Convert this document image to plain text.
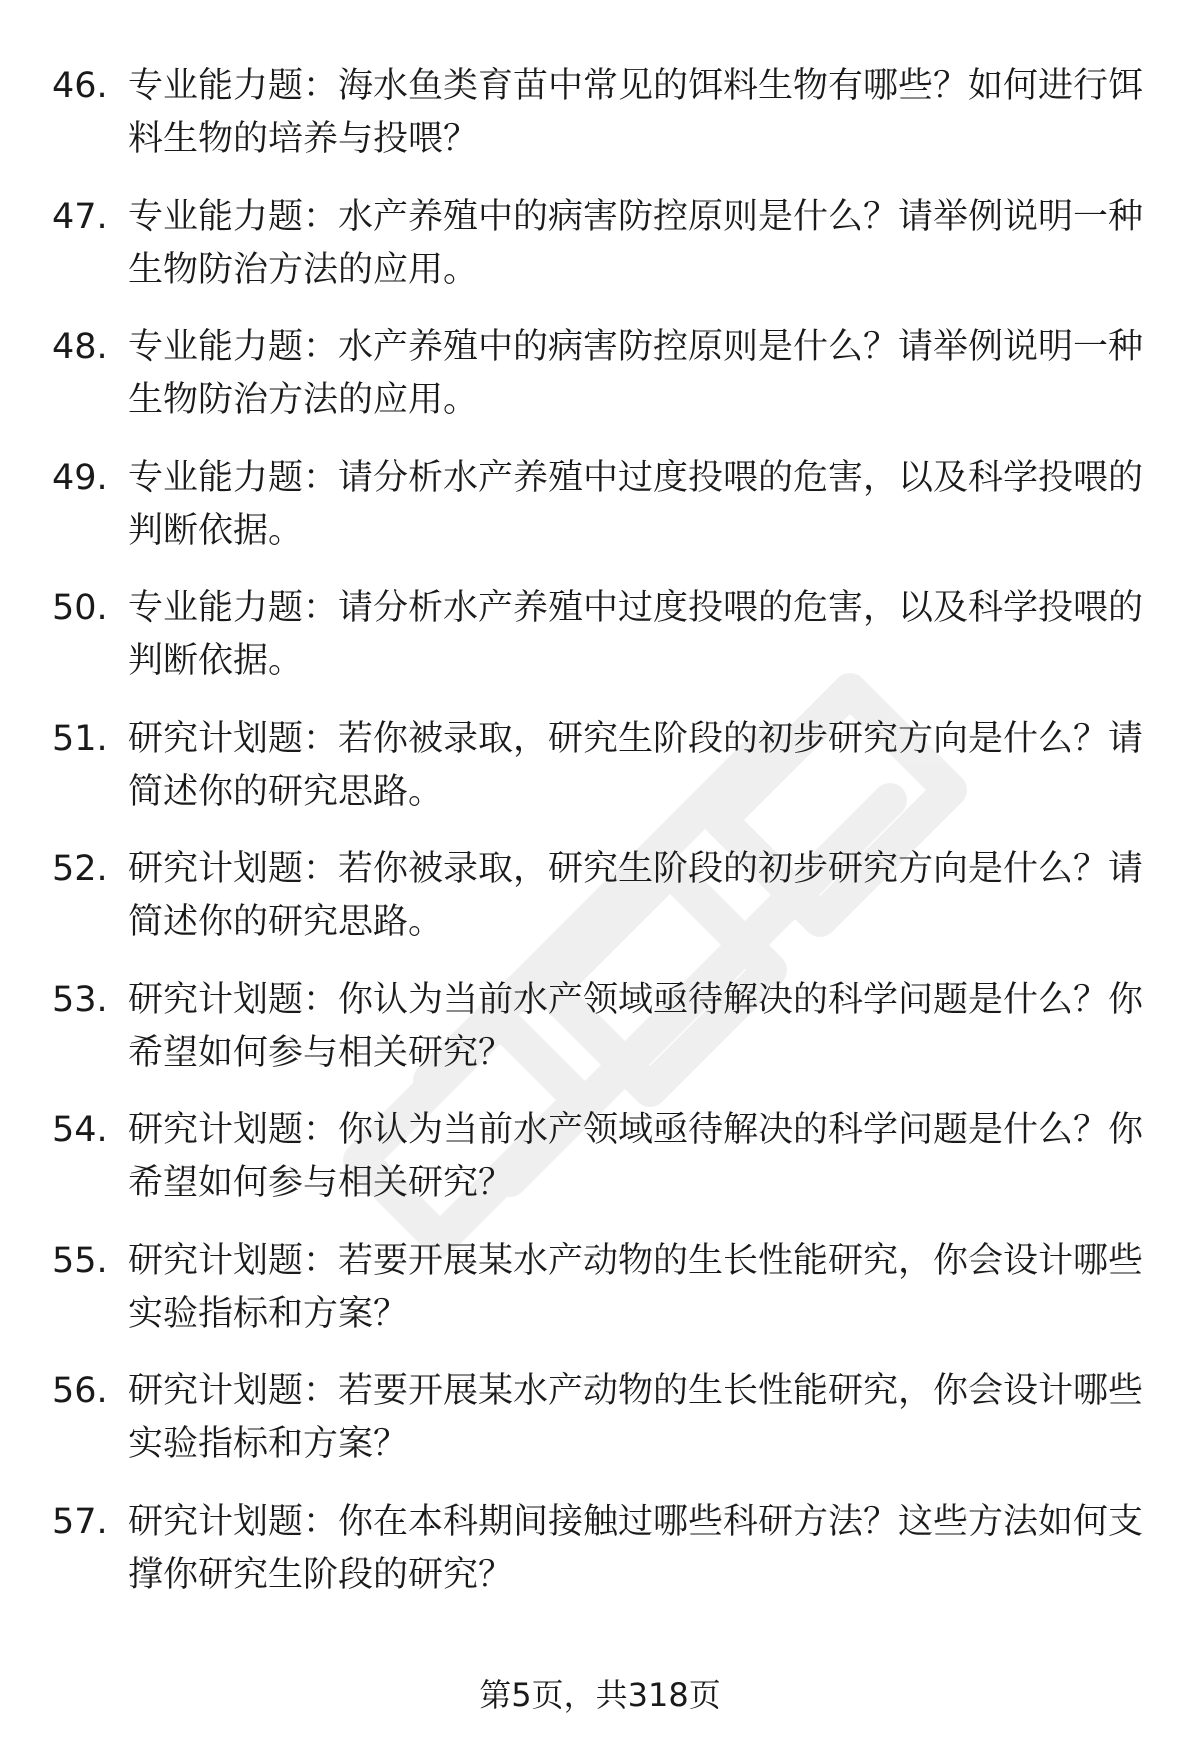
46. 专业能力题：海水鱼类育苗中常见的饵料生物有哪些？如何进行饵料生物的培养与投喂？
47. 专业能力题：水产养殖中的病害防控原则是什么？请举例说明一种生物防治方法的应用。
48. 专业能力题：水产养殖中的病害防控原则是什么？请举例说明一种生物防治方法的应用。
49. 专业能力题：请分析水产养殖中过度投喂的危害，以及科学投喂的判断依据。
50. 专业能力题：请分析水产养殖中过度投喂的危害，以及科学投喂的判断依据。
51. 研究计划题：若你被录取，研究生阶段的初步研究方向是什么？请简述你的研究思路。
52. 研究计划题：若你被录取，研究生阶段的初步研究方向是什么？请简述你的研究思路。
53. 研究计划题：你认为当前水产领域亟待解决的科学问题是什么？你希望如何参与相关研究？
54. 研究计划题：你认为当前水产领域亟待解决的科学问题是什么？你希望如何参与相关研究？
55. 研究计划题：若要开展某水产动物的生长性能研究，你会设计哪些实验指标和方案？
56. 研究计划题：若要开展某水产动物的生长性能研究，你会设计哪些实验指标和方案？
57. 研究计划题：你在本科期间接触过哪些科研方法？这些方法如何支撑你研究生阶段的研究？
第5页，共318页
